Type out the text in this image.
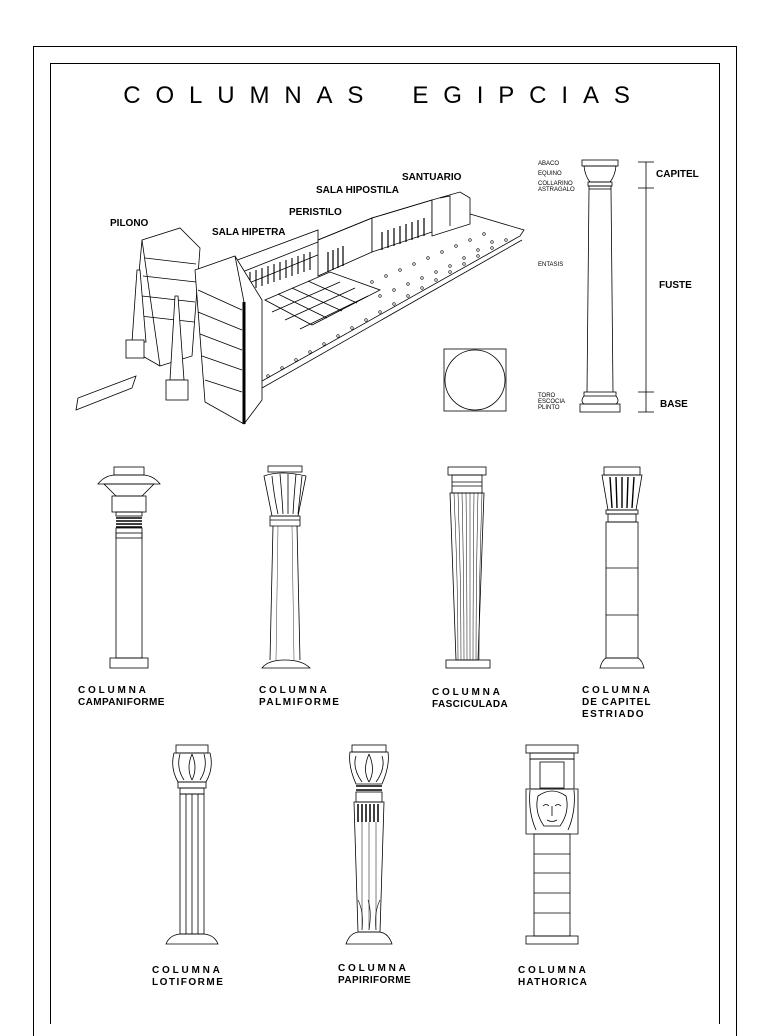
COLUMNAS EGIPCIAS
PILONO
SALA HIPETRA
PERISTILO
SALA HIPOSTILA
SANTUARIO
ABACO
EQUINO
COLLARINO
ASTRAGALO
ENTASIS
TORO
ESCOCIA
PLINTO
CAPITEL
FUSTE
BASE
COLUMNA
CAMPANIFORME
COLUMNA
PALMIFORME
COLUMNA
FASCICULADA
COLUMNA
DE CAPITEL
ESTRIADO
COLUMNA
LOTIFORME
COLUMNA
PAPIRIFORME
COLUMNA
HATHORICA
